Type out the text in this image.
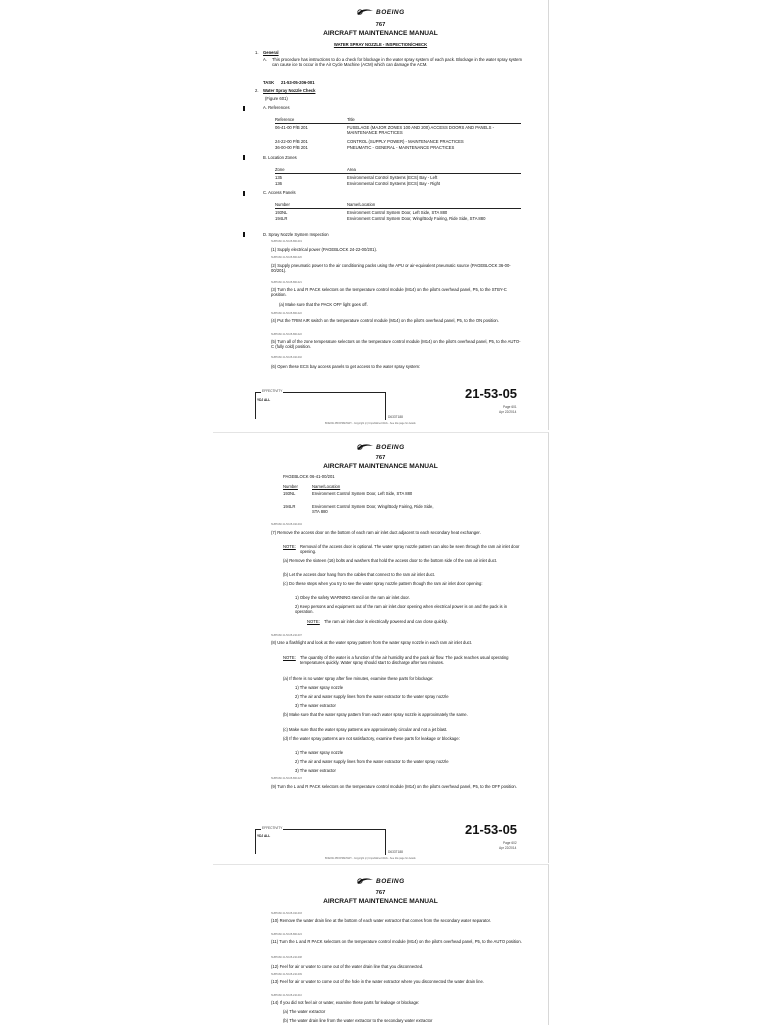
BOEING
767
AIRCRAFT MAINTENANCE MANUAL
WATER SPRAY NOZZLE - INSPECTION/CHECK
1. General
A. This procedure has instructions to do a check for blockage in the water spray system of each pack. Blockage in the water spray system can cause ice to occur in the Air Cycle Machine (ACM) which can damage the ACM.
TASK 21-53-05-206-001
2. Water Spray Nozzle Check
(Figure 601)
A. References
Reference	Title
06-41-00 P/B 201	FUSELAGE (MAJOR ZONES 100 AND 200) ACCESS DOORS AND PANELS - MAINTENANCE PRACTICES
24-22-00 P/B 201	CONTROL (SUPPLY POWER) - MAINTENANCE PRACTICES
36-00-00 P/B 201	PNEUMATIC - GENERAL - MAINTENANCE PRACTICES
B. Location Zones
Zone	Area
135	Environmental Control Systems (ECS) Bay - Left
136	Environmental Control Systems (ECS) Bay - Right
C. Access Panels
Number	Name/Location
193NL	Environment Control System Door, Left Side, STA 880
194LR	Environment Control System Door, Wing/Body Fairing, Ride Side, STA 880
D. Spray Nozzle System Inspection
SUBTASK 21-53-05-860-019
(1) Supply electrical power (PAGEBLOCK 24-22-00/201).
SUBTASK 21-53-05-860-020
(2) Supply pneumatic power to the air conditioning packs using the APU or air-equivalent pneumatic source (PAGEBLOCK 36-00-00/201).
SUBTASK 21-53-05-860-021
(3) Turn the L and R PACK selectors on the temperature control module (M14) on the pilot's overhead panel, P5, to the STBY-C position.
(a) Make sure that the PACK OFF light goes off.
SUBTASK 21-53-05-860-022
(4) Put the TRIM AIR switch on the temperature control module (M14) on the pilot's overhead panel, P5, to the ON position.
SUBTASK 21-53-05-860-022
(5) Turn all of the zone temperature selectors on the temperature control module (M14) on the pilot's overhead panel, P5, to the AUTO-C (fully cold) position.
SUBTASK 21-53-05-010-002
(6) Open these ECS bay access panels to get access to the water spray system:
EFFECTIVITY
YDJ ALL	21-53-05
Page 601
Apr 22/2014
D633T188
BOEING PROPRIETARY - Copyright (c) Unpublished Work - See title page for details
BOEING
767
AIRCRAFT MAINTENANCE MANUAL
PAGEBLOCK 06-41-00/201
Number	Name/Location
193NL	Environment Control System Door, Left Side, STA 880
194LR	Environment Control System Door, Wing/Body Fairing, Ride Side, STA 880
SUBTASK 21-53-05-010-004
(7) Remove the access door on the bottom of each ram air inlet duct adjacent to each secondary heat exchanger.
NOTE: Removal of the access door is optional. The water spray nozzle pattern can also be seen through the ram air inlet door opening.
(a) Remove the sixteen (16) bolts and washers that hold the access door to the bottom side of the ram air inlet duct.
(b) Let the access door hang from the cables that connect to the ram air inlet duct.
(c) Do these steps when you try to see the water spray nozzle pattern though the ram air inlet door opening:
1) Obey the safety WARNING stencil on the ram air inlet door.
2) Keep persons and equipment out of the ram air inlet door opening when electrical power is on and the pack is in operation.
NOTE: The ram air inlet door is electrically powered and can close quickly.
SUBTASK 21-53-05-210-007
(8) Use a flashlight and look at the water spray pattern from the water spray nozzle in each ram air inlet duct.
NOTE: The quantity of the water is a function of the air humidity and the pack air flow. The pack reaches usual operating temperatures quickly. Water spray should start to discharge after two minutes.
(a) If there is no water spray after five minutes, examine these parts for blockage:
1) The water spray nozzle
2) The air and water supply lines from the water extractor to the water spray nozzle
3) The water extractor
(b) Make sure that the water spray pattern from each water spray nozzle is approximately the same.
(c) Make sure that the water spray patterns are approximately circular and not a jet blast.
(d) If the water spray patterns are not satisfactory, examine these parts for leakage or blockage:
1) The water spray nozzle
2) The air and water supply lines from the water extractor to the water spray nozzle
3) The water extractor
SUBTASK 21-53-05-860-023
(9) Turn the L and R PACK selectors on the temperature control module (M14) on the pilot's overhead panel, P5, to the OFF position.
EFFECTIVITY
YDJ ALL	21-53-05
Page 602
Apr 22/2014
D633T188
BOEING PROPRIETARY - Copyright (c) Unpublished Work - See title page for details
BOEING
767
AIRCRAFT MAINTENANCE MANUAL
SUBTASK 21-53-05-010-003
(10) Remove the water drain line at the bottom of each water extractor that comes from the secondary water separator.
SUBTASK 21-53-05-860-024
(11) Turn the L and R PACK selectors on the temperature control module (M14) on the pilot's overhead panel, P5, to the AUTO position.
SUBTASK 21-53-05-210-008
(12) Feel for air or water to come out of the water drain line that you disconnected.
SUBTASK 21-53-05-210-009
(13) Feel for air or water to come out of the hole in the water extractor where you disconnected the water drain line.
SUBTASK 21-53-05-210-010
(14) If you did not feel air or water, examine these parts for leakage or blockage:
(a) The water extractor
(b) The water drain line from the water extractor to the secondary water extractor
